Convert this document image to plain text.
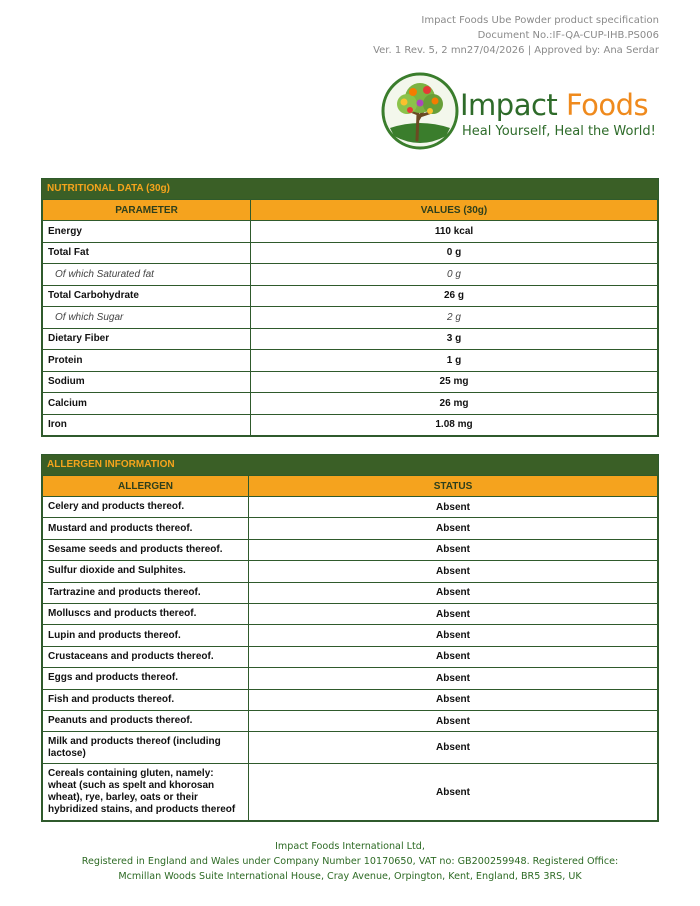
Impact Foods Ube Powder product specification
Document No.:IF-QA-CUP-IHB.PS006
Ver. 1 Rev. 5, 2 mn27/04/2026 | Approved by: Ana Serdar
Impact Foods
Heal Yourself, Heal the World!
NUTRITIONAL DATA (30g)
PARAMETER	VALUES (30g)
Energy	110 kcal
Total Fat	0 g
Of which Saturated fat	0 g
Total Carbohydrate	26 g
Of which Sugar	2 g
Dietary Fiber	3 g
Protein	1 g
Sodium	25 mg
Calcium	26 mg
Iron	1.08 mg
ALLERGEN INFORMATION
ALLERGEN	STATUS
Celery and products thereof.	Absent
Mustard and products thereof.	Absent
Sesame seeds and products thereof.	Absent
Sulfur dioxide and Sulphites.	Absent
Tartrazine and products thereof.	Absent
Molluscs and products thereof.	Absent
Lupin and products thereof.	Absent
Crustaceans and products thereof.	Absent
Eggs and products thereof.	Absent
Fish and products thereof.	Absent
Peanuts and products thereof.	Absent
Milk and products thereof (including lactose)	Absent
Cereals containing gluten, namely: wheat (such as spelt and khorosan wheat), rye, barley, oats or their hybridized stains, and products thereof	Absent
Impact Foods International Ltd,
Registered in England and Wales under Company Number 10170650, VAT no: GB200259948. Registered Office:
Mcmillan Woods Suite International House, Cray Avenue, Orpington, Kent, England, BR5 3RS, UK
